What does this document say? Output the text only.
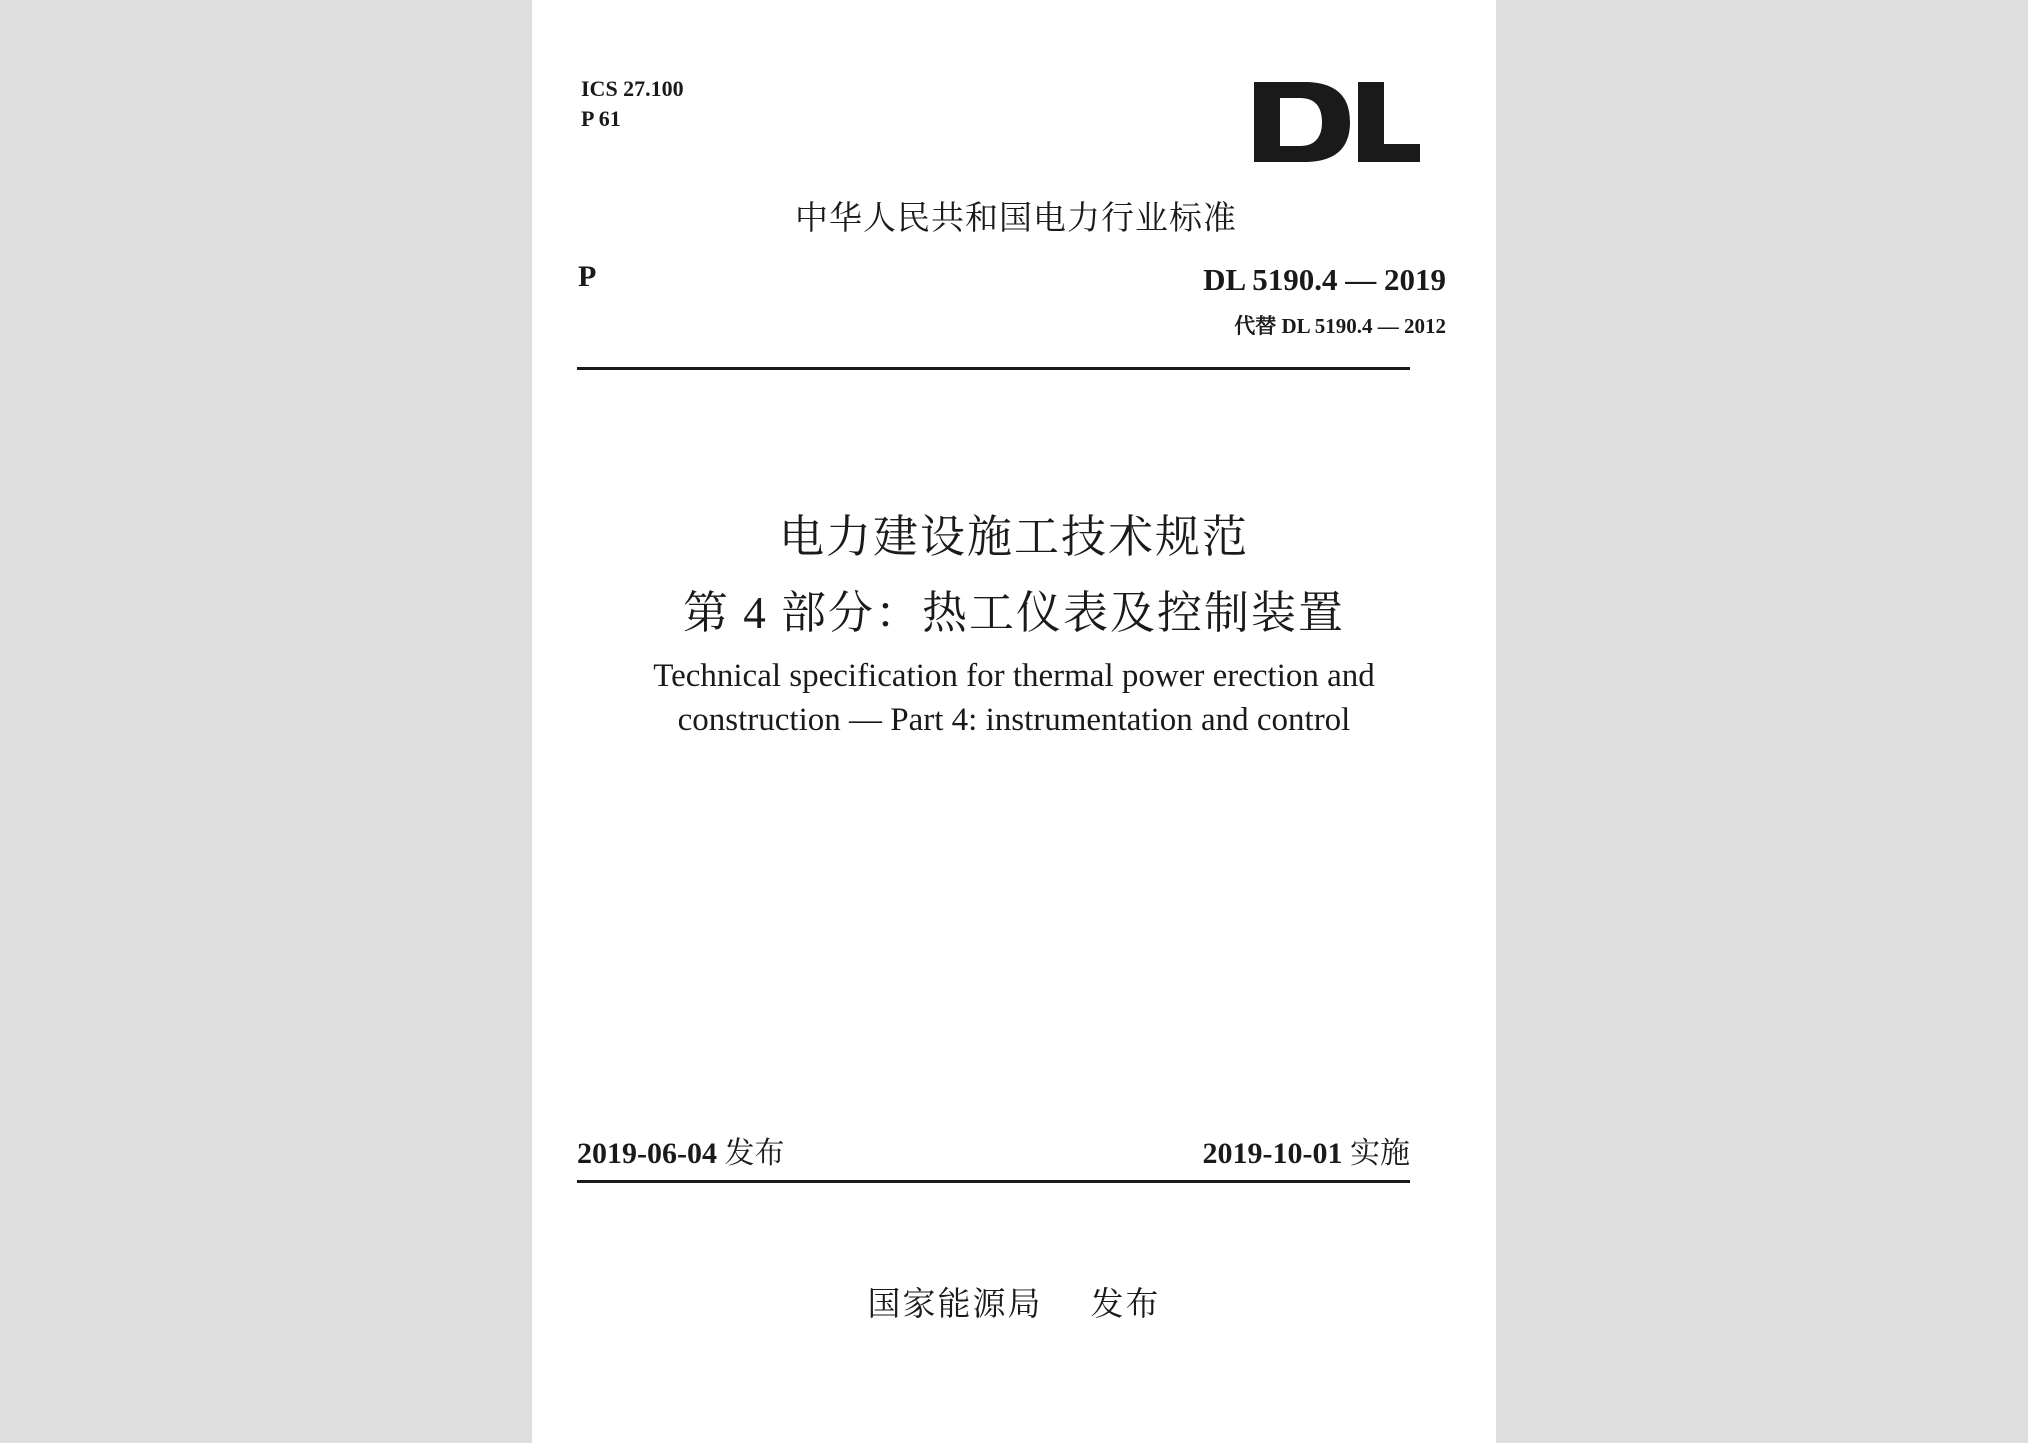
ICS 27.100
P 61
中华人民共和国电力行业标准
P	DL 5190.4 — 2019
代替 DL 5190.4 — 2012
电力建设施工技术规范
第 4 部分：热工仪表及控制装置
Technical specification for thermal power erection and
construction — Part 4: instrumentation and control
2019-06-04 发布	2019-10-01 实施
国家能源局 发布
